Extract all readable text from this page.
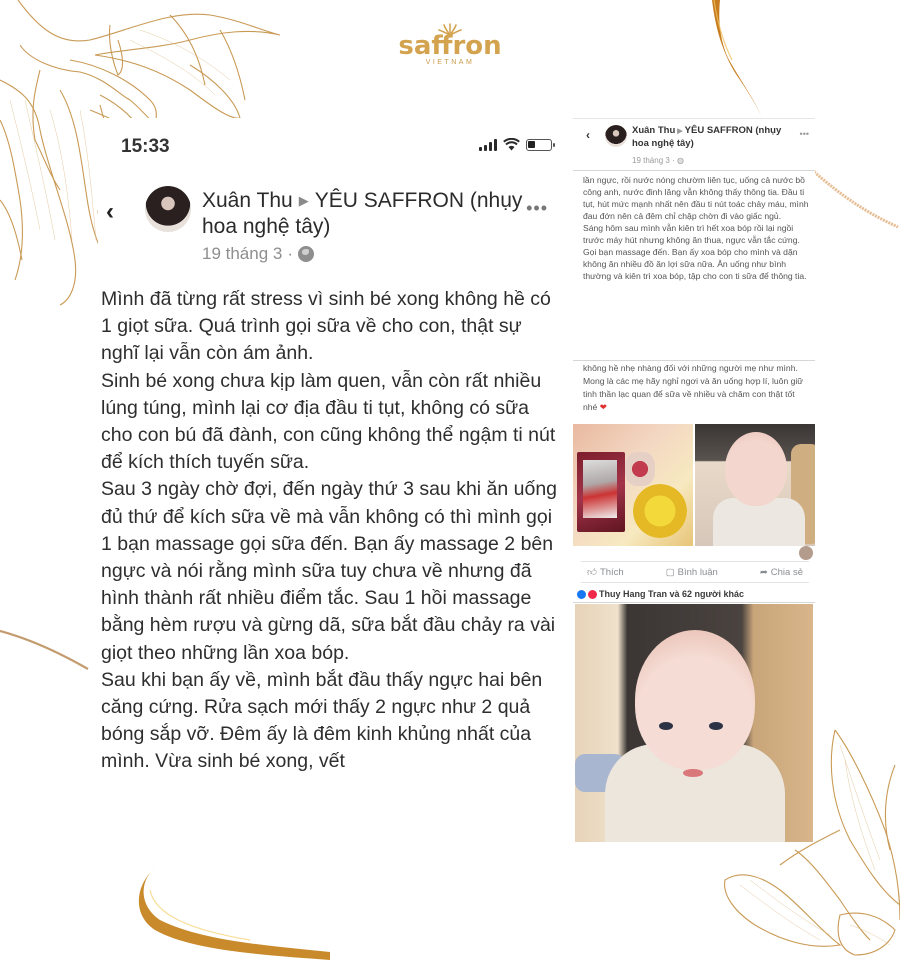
saffron
VIETNAM
15:33
‹	Xuân Thu ▶ YÊU SAFFRON (nhụy hoa nghệ tây)
19 tháng 3 ·
•••

Mình đã từng rất stress vì sinh bé xong không hề có 1 giọt sữa. Quá trình gọi sữa về cho con, thật sự nghĩ lại vẫn còn ám ảnh.

Sinh bé xong chưa kịp làm quen, vẫn còn rất nhiều lúng túng, mình lại cơ địa đầu ti tụt, không có sữa cho con bú đã đành, con cũng không thể ngậm ti nút để kích thích tuyến sữa.

Sau 3 ngày chờ đợi, đến ngày thứ 3 sau khi ăn uống đủ thứ để kích sữa về mà vẫn không có thì mình gọi 1 bạn massage gọi sữa đến. Bạn ấy massage 2 bên ngực và nói rằng mình sữa tuy chưa về nhưng đã hình thành rất nhiều điểm tắc. Sau 1 hồi massage bằng hèm rượu và gừng dã, sữa bắt đầu chảy ra vài giọt theo những lần xoa bóp.

Sau khi bạn ấy về, mình bắt đầu thấy ngực hai bên căng cứng. Rửa sạch mới thấy 2 ngực như 2 quả bóng sắp vỡ. Đêm ấy là đêm kinh khủng nhất của mình. Vừa sinh bé xong, vết

‹	Xuân Thu ▶ YÊU SAFFRON (nhụy hoa nghệ tây)
19 tháng 3 · ◍
•••

lần ngực, rồi nước nóng chườm liên tục, uống cả nước bồ công anh, nước đinh lăng vẫn không thấy thông tia. Đầu ti tụt, hút mức mạnh nhất nên đầu ti nút toác chảy máu, mình đau đớn nên cả đêm chỉ chập chờn đi vào giấc ngủ.

Sáng hôm sau mình vẫn kiên trì hết xoa bóp rồi lại ngồi trước máy hút nhưng không ăn thua, ngực vẫn tắc cứng. Gọi bạn massage đến. Bạn ấy xoa bóp cho mình và dặn không ăn nhiều đồ ăn lợi sữa nữa. Ăn uống như bình thường và kiên trì xoa bóp, tập cho con ti sữa để thông tia.

không hề nhẹ nhàng đối với những người mẹ như mình. Mong là các mẹ hãy nghỉ ngơi và ăn uống hợp lí, luôn giữ tinh thần lạc quan để sữa về nhiều và chăm con thật tốt nhé ❤
👍︎ Thích	▢ Bình luận	➦ Chia sẻ
Thuy Hang Tran và 62 người khác
